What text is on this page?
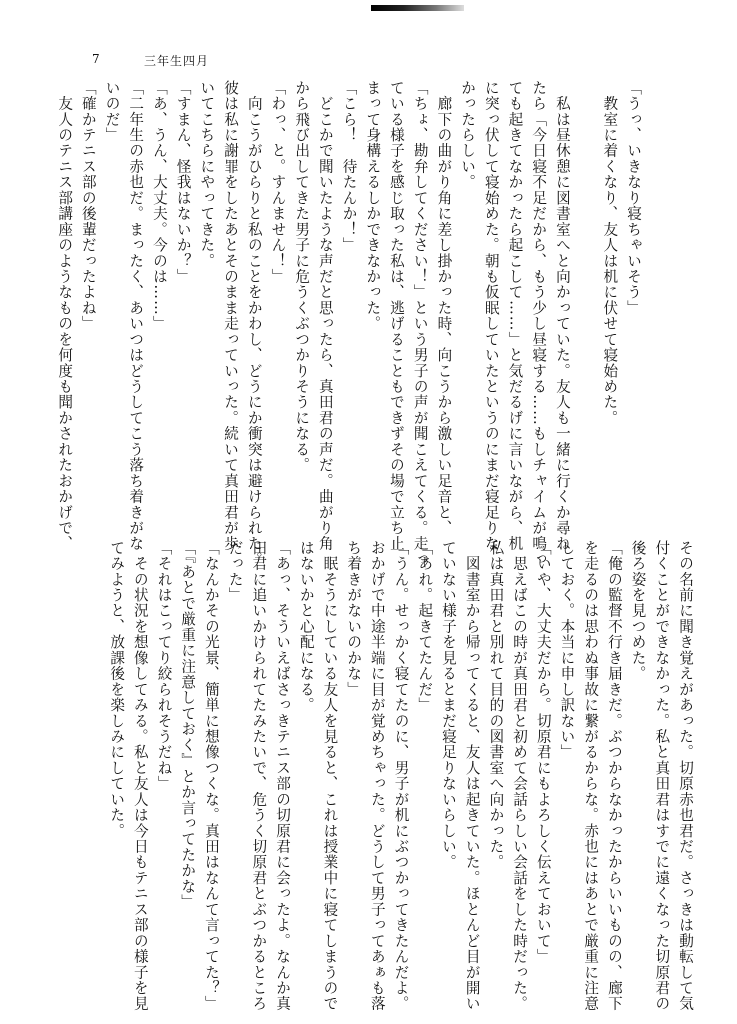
7	三年生四月
「うっ、いきなり寝ちゃいそう」
　教室に着くなり、友人は机に伏せて寝始めた。

　私は昼休憩に図書室へと向かっていた。友人も一緒に行くか尋ね
たら「今日寝不足だから、もう少し昼寝する……もしチャイムが鳴っ
ても起きてなかったら起こして……」と気だるげに言いながら、机
に突っ伏して寝始めた。朝も仮眠していたというのにまだ寝足りな
かったらしい。
　廊下の曲がり角に差し掛かった時、向こうから激しい足音と、
「ちょ、勘弁してください！」という男子の声が聞こえてくる。走っ
ている様子を感じ取った私は、逃げることもできずその場で立ち止
まって身構えるしかできなかった。
「こら！　待たんか！」
　どこかで聞いたような声だと思ったら、真田君の声だ。曲がり角
から飛び出してきた男子に危うくぶつかりそうになる。
「わっ、と。すんません！」
　向こうがひらりと私のことをかわし、どうにか衝突は避けられた。
彼は私に謝罪をしたあとそのまま走っていった。続いて真田君が歩
いてこちらにやってきた。
「すまん、怪我はないか？」
「あ、うん、大丈夫。今のは……」
「二年生の赤也だ。まったく、あいつはどうしてこう落ち着きがな
いのだ」
「確かテニス部の後輩だったよね」
　友人のテニス部講座のようなものを何度も聞かされたおかげで、
その名前に聞き覚えがあった。切原赤也君だ。さっきは動転して気
付くことができなかった。私と真田君はすでに遠くなった切原君の
後ろ姿を見つめた。
「俺の監督不行き届きだ。ぶつからなかったからいいものの、廊下
を走るのは思わぬ事故に繋がるからな。赤也にはあとで厳重に注意
しておく。本当に申し訳ない」
「いや、大丈夫だから。切原君にもよろしく伝えておいて」
　思えばこの時が真田君と初めて会話らしい会話をした時だった。
私は真田君と別れて目的の図書室へ向かった。
　図書室から帰ってくると、友人は起きていた。ほとんど目が開い
ていない様子を見るとまだ寝足りないらしい。
「あれ。起きてたんだ」
「うん。せっかく寝てたのに、男子が机にぶつかってきたんだよ。
おかげで中途半端に目が覚めちゃった。どうして男子ってあぁも落
ち着きがないのかな」
　眠そうにしている友人を見ると、これは授業中に寝てしまうので
はないかと心配になる。
「あっ、そういえばさっきテニス部の切原君に会ったよ。なんか真
田君に追いかけられてたみたいで、危うく切原君とぶつかるところ
だった」
「なんかその光景、簡単に想像つくな。真田はなんて言ってた？」
「『あとで厳重に注意しておく』とか言ってたかな」
「それはこってり絞られそうだね」
　その状況を想像してみる。私と友人は今日もテニス部の様子を見
てみようと、放課後を楽しみにしていた。
